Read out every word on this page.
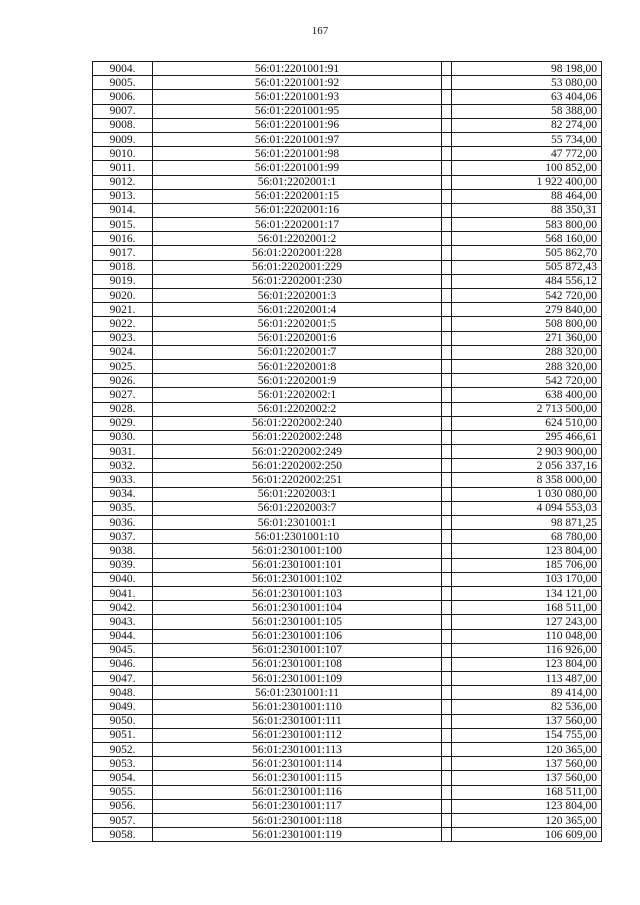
167
9004.	56:01:2201001:91		98 198,00
9005.	56:01:2201001:92		53 080,00
9006.	56:01:2201001:93		63 404,06
9007.	56:01:2201001:95		58 388,00
9008.	56:01:2201001:96		82 274,00
9009.	56:01:2201001:97		55 734,00
9010.	56:01:2201001:98		47 772,00
9011.	56:01:2201001:99		100 852,00
9012.	56:01:2202001:1		1 922 400,00
9013.	56:01:2202001:15		88 464,00
9014.	56:01:2202001:16		88 350,31
9015.	56:01:2202001:17		583 800,00
9016.	56:01:2202001:2		568 160,00
9017.	56:01:2202001:228		505 862,70
9018.	56:01:2202001:229		505 872,43
9019.	56:01:2202001:230		484 556,12
9020.	56:01:2202001:3		542 720,00
9021.	56:01:2202001:4		279 840,00
9022.	56:01:2202001:5		508 800,00
9023.	56:01:2202001:6		271 360,00
9024.	56:01:2202001:7		288 320,00
9025.	56:01:2202001:8		288 320,00
9026.	56:01:2202001:9		542 720,00
9027.	56:01:2202002:1		638 400,00
9028.	56:01:2202002:2		2 713 500,00
9029.	56:01:2202002:240		624 510,00
9030.	56:01:2202002:248		295 466,61
9031.	56:01:2202002:249		2 903 900,00
9032.	56:01:2202002:250		2 056 337,16
9033.	56:01:2202002:251		8 358 000,00
9034.	56:01:2202003:1		1 030 080,00
9035.	56:01:2202003:7		4 094 553,03
9036.	56:01:2301001:1		98 871,25
9037.	56:01:2301001:10		68 780,00
9038.	56:01:2301001:100		123 804,00
9039.	56:01:2301001:101		185 706,00
9040.	56:01:2301001:102		103 170,00
9041.	56:01:2301001:103		134 121,00
9042.	56:01:2301001:104		168 511,00
9043.	56:01:2301001:105		127 243,00
9044.	56:01:2301001:106		110 048,00
9045.	56:01:2301001:107		116 926,00
9046.	56:01:2301001:108		123 804,00
9047.	56:01:2301001:109		113 487,00
9048.	56:01:2301001:11		89 414,00
9049.	56:01:2301001:110		82 536,00
9050.	56:01:2301001:111		137 560,00
9051.	56:01:2301001:112		154 755,00
9052.	56:01:2301001:113		120 365,00
9053.	56:01:2301001:114		137 560,00
9054.	56:01:2301001:115		137 560,00
9055.	56:01:2301001:116		168 511,00
9056.	56:01:2301001:117		123 804,00
9057.	56:01:2301001:118		120 365,00
9058.	56:01:2301001:119		106 609,00
